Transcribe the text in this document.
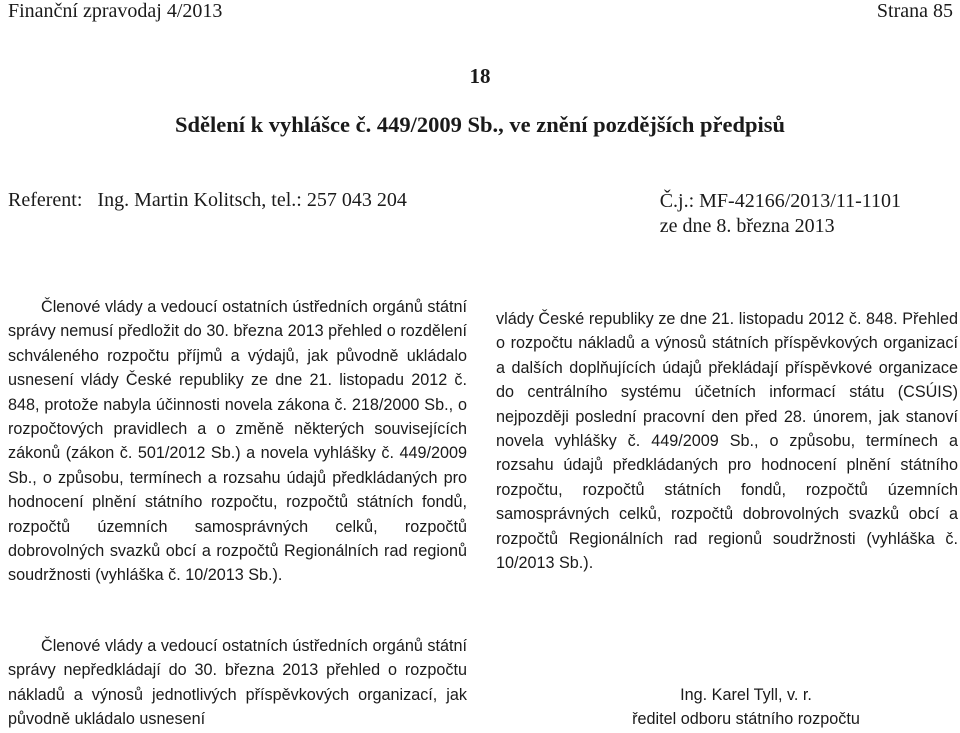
Finanční zpravodaj 4/2013	Strana 85
18
Sdělení k vyhlášce č. 449/2009 Sb., ve znění pozdějších předpisů
Referent:   Ing. Martin Kolitsch, tel.: 257 043 204	Č.j.: MF-42166/2013/11-1101
ze dne 8. března 2013

Členové vlády a vedoucí ostatních ústředních orgánů státní správy nemusí předložit do 30. března 2013 přehled o rozdělení schváleného rozpočtu příjmů a výdajů, jak původně ukládalo usnesení vlády České republiky ze dne 21. listopadu 2012 č. 848, protože nabyla účinnosti novela zákona č. 218/2000 Sb., o rozpočtových pravidlech a o změně některých souvisejících zákonů (zákon č. 501/2012 Sb.) a novela vyhlášky č. 449/2009 Sb., o způsobu, termínech a rozsahu údajů předkládaných pro hodnocení plnění státního rozpočtu, rozpočtů státních fondů, rozpočtů územních samosprávných celků, rozpočtů dobrovolných svazků obcí a rozpočtů Regionálních rad regionů soudržnosti (vyhláška č. 10/2013 Sb.).

Členové vlády a vedoucí ostatních ústředních orgánů státní správy nepředkládají do 30. března 2013 přehled o rozpočtu nákladů a výnosů jednotlivých příspěvkových organizací, jak původně ukládalo usnesení

vlády České republiky ze dne 21. listopadu 2012 č. 848. Přehled o rozpočtu nákladů a výnosů státních příspěvkových organizací a dalších doplňujících údajů překládají příspěvkové organizace do centrálního systému účetních informací státu (CSÚIS) nejpozději poslední pracovní den před 28. únorem, jak stanoví novela vyhlášky č. 449/2009 Sb., o způsobu, termínech a rozsahu údajů předkládaných pro hodnocení plnění státního rozpočtu, rozpočtů státních fondů, rozpočtů územních samosprávných celků, rozpočtů dobrovolných svazků obcí a rozpočtů Regionálních rad regionů soudržnosti (vyhláška č. 10/2013 Sb.).

Ing. Karel Tyll, v. r.
ředitel odboru státního rozpočtu
